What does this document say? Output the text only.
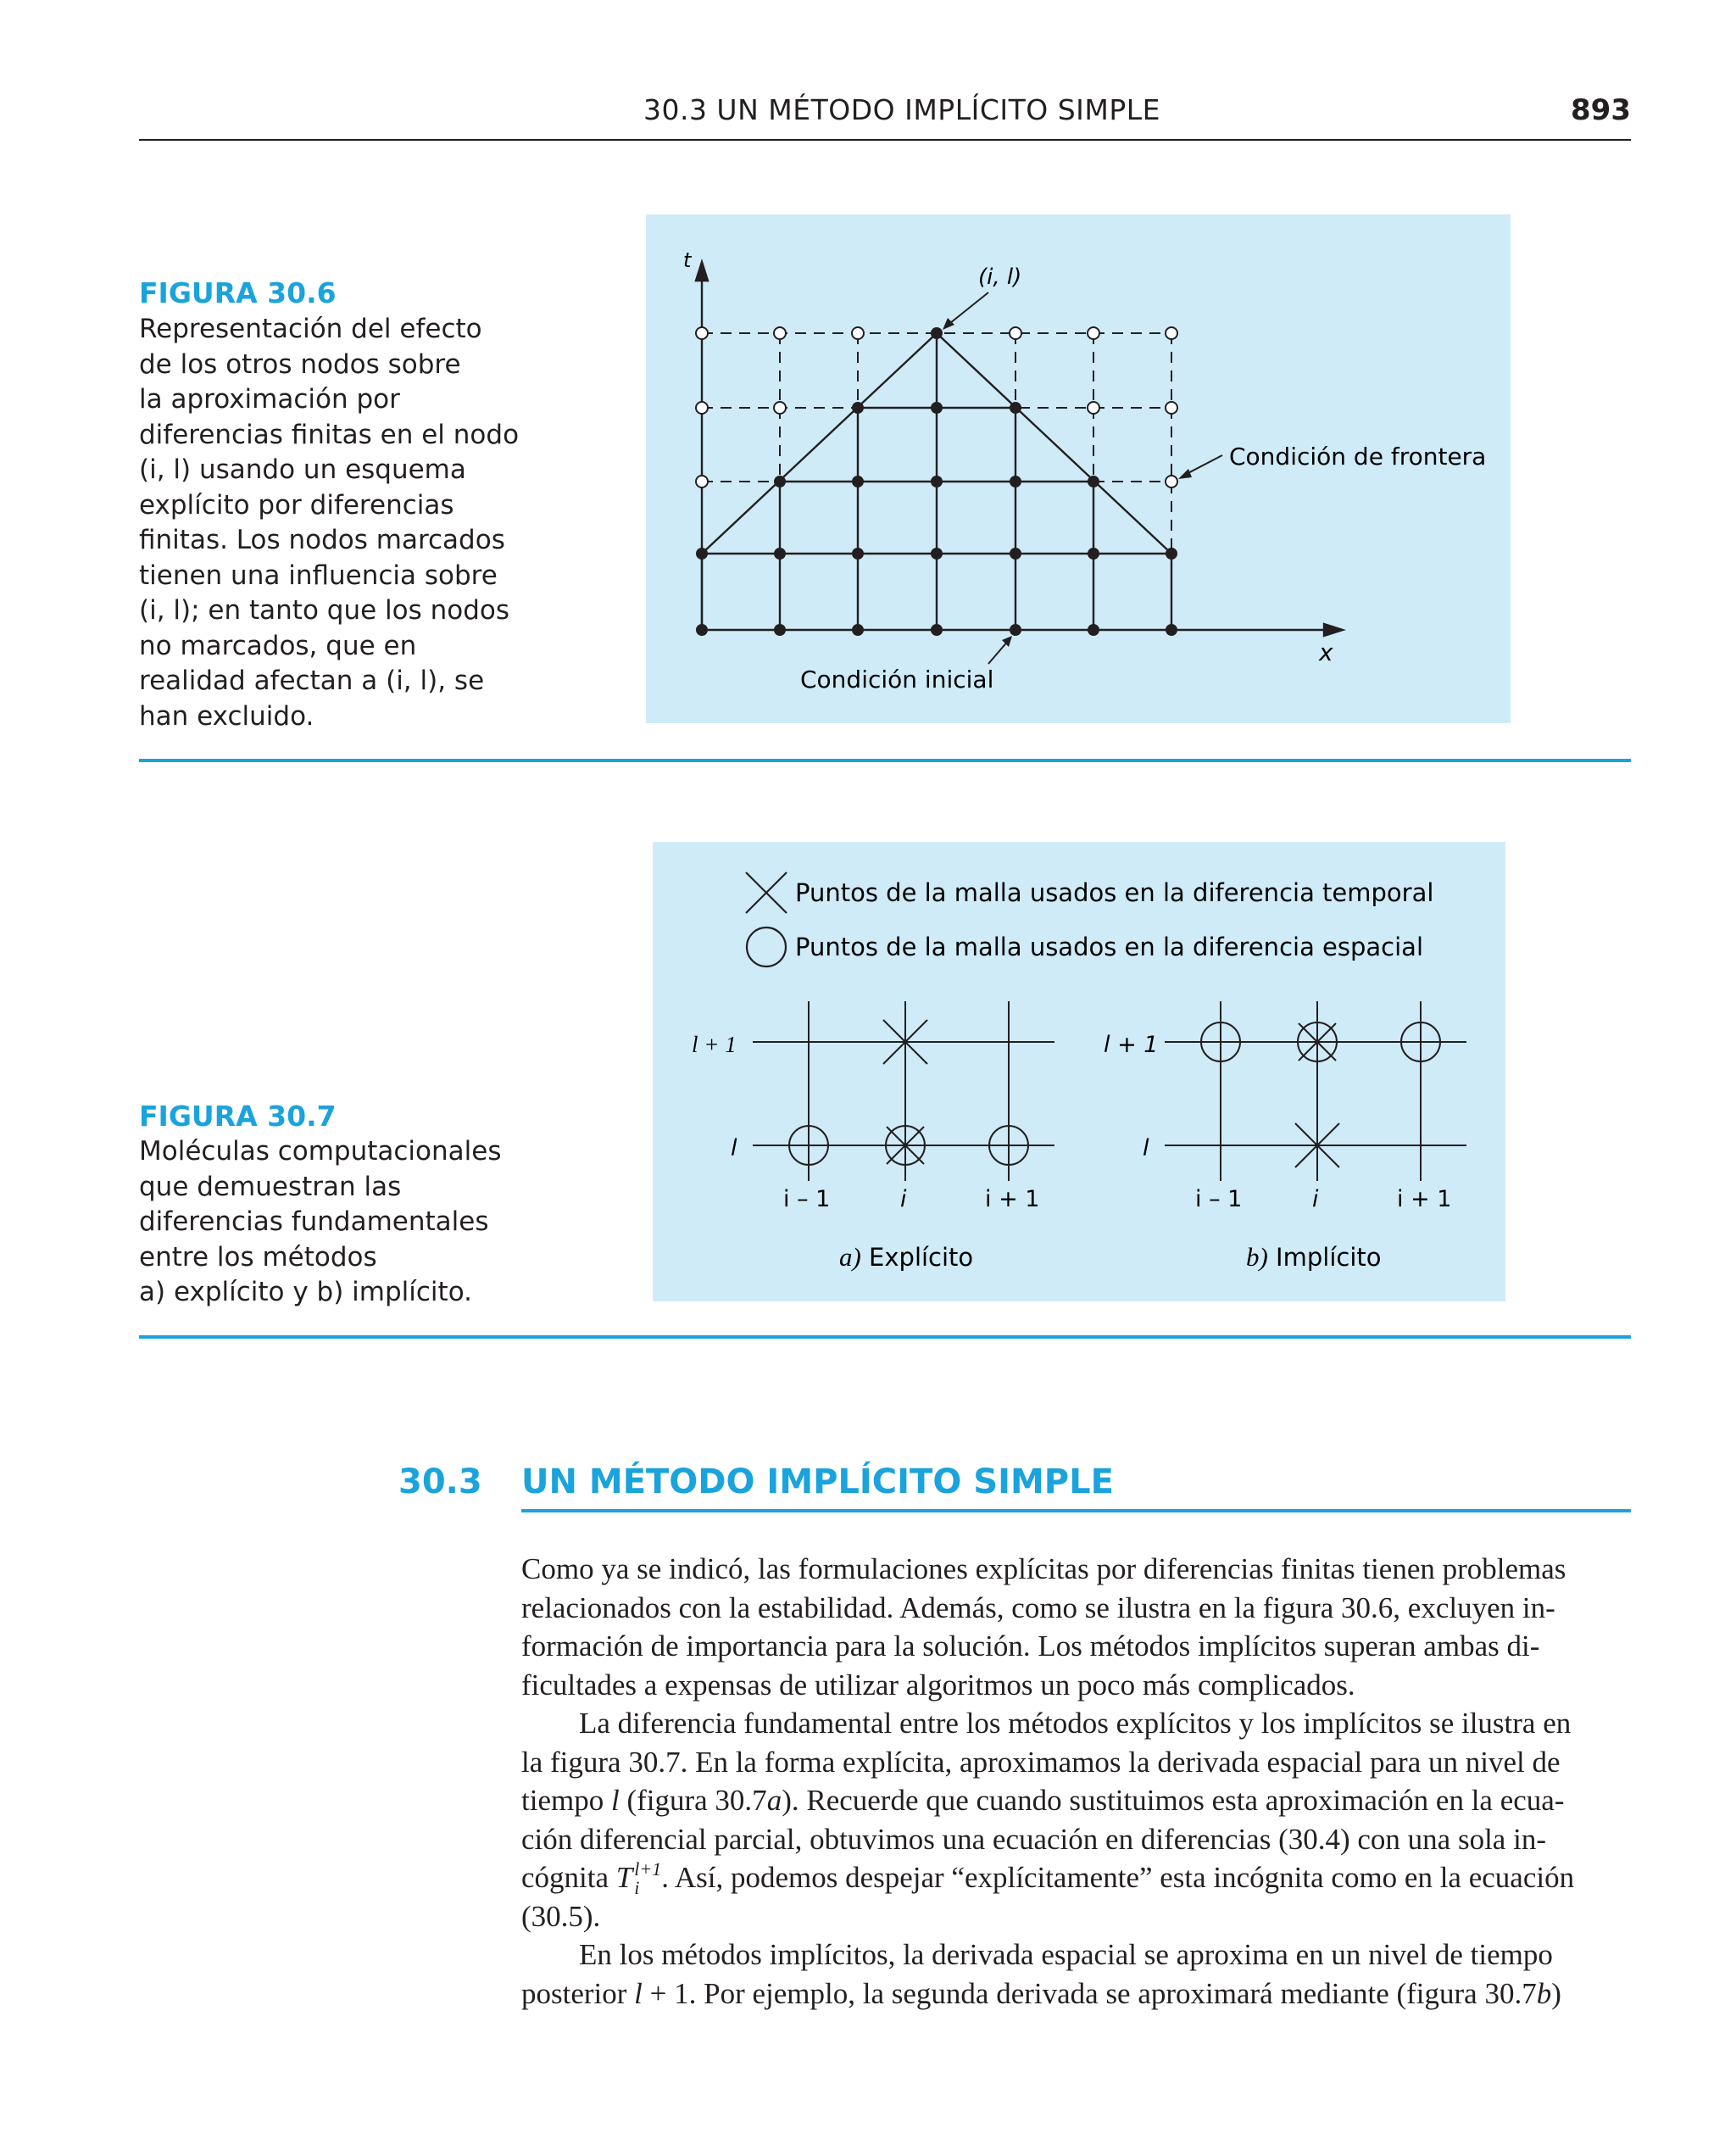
30.3 UN MÉTODO IMPLÍCITO SIMPLE	893
FIGURA 30.6
Representación del efecto
de los otros nodos sobre
la aproximación por
diferencias finitas en el nodo
(i, l) usando un esquema
explícito por diferencias
finitas. Los nodos marcados
tienen una influencia sobre
(i, l); en tanto que los nodos
no marcados, que en
realidad afectan a (i, l), se
han excluido.
t
x
(i, l)
Condición de frontera
Condición inicial
FIGURA 30.7
Moléculas computacionales
que demuestran las
diferencias fundamentales
entre los métodos
a) explícito y b) implícito.
Puntos de la malla usados en la diferencia temporal
Puntos de la malla usados en la diferencia espacial
l + 1
l
i – 1	i	i + 1
a) Explícito
l + 1
l
i – 1	i	i + 1
b) Implícito
30.3 UN MÉTODO IMPLÍCITO SIMPLE
Como ya se indicó, las formulaciones explícitas por diferencias finitas tienen problemas
relacionados con la estabilidad. Además, como se ilustra en la figura 30.6, excluyen in-
formación de importancia para la solución. Los métodos implícitos superan ambas di-
ficultades a expensas de utilizar algoritmos un poco más complicados.
La diferencia fundamental entre los métodos explícitos y los implícitos se ilustra en
la figura 30.7. En la forma explícita, aproximamos la derivada espacial para un nivel de
tiempo l (figura 30.7a). Recuerde que cuando sustituimos esta aproximación en la ecua-
ción diferencial parcial, obtuvimos una ecuación en diferencias (30.4) con una sola in-
cógnita T l+1
i . Así, podemos despejar “explícitamente” esta incógnita como en la ecuación
(30.5).
En los métodos implícitos, la derivada espacial se aproxima en un nivel de tiempo
posterior l + 1. Por ejemplo, la segunda derivada se aproximará mediante (figura 30.7b)
